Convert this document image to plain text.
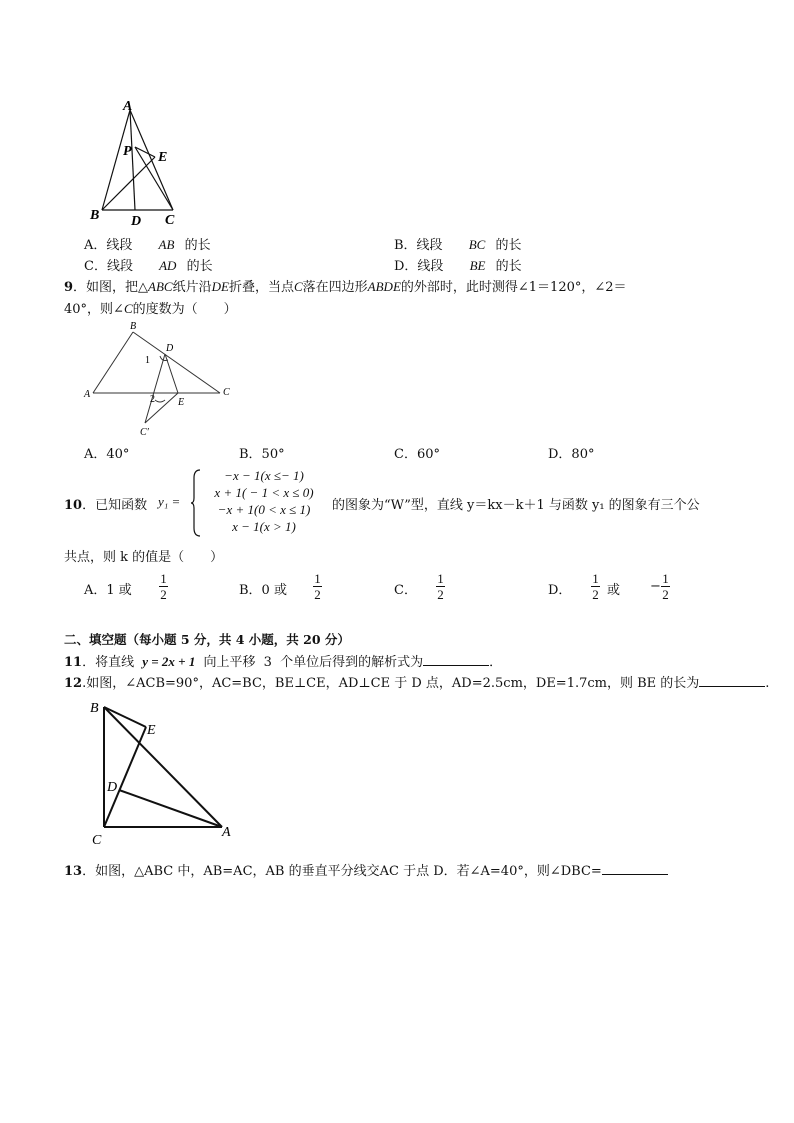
A
P E
B D C
A．线段 AB 的长	B．线段 BC 的长
C．线段 AD 的长	D．线段 BE 的长
9．如图，把△ABC纸片沿DE折叠，当点C落在四边形ABDE的外部时，此时测得∠1＝120°，∠2＝
40°，则∠C的度数为（　　）
B
D
1
A	C
2 E
C′
A．40°	B．50°	C．60°	D．80°
10．已知函数 y₁ =
−x − 1(x ≤− 1)
x + 1( − 1 < x ≤ 0)
−x + 1(0 < x ≤ 1)
x − 1(x > 1)
的图象为“W”型，直线 y＝kx－k＋1 与函数 y₁ 的图象有三个公
共点，则 k 的值是（　　）
A．1 或
1
2	B．0 或
1
2	C．
1
2	D．
1
2 或 −
1
2
二、填空题（每小题 5 分，共 4 小题，共 20 分）
11．将直线 y = 2x + 1 向上平移 3 个单位后得到的解析式为	．
12.如图，∠ACB=90°，AC=BC，BE⊥CE，AD⊥CE 于 D 点，AD=2.5cm，DE=1.7cm，则 BE 的长为	.
B
E
D
C
A
13．如图，△ABC 中，AB=AC，AB 的垂直平分线交AC 于点 D．若∠A=40°，则∠DBC=
